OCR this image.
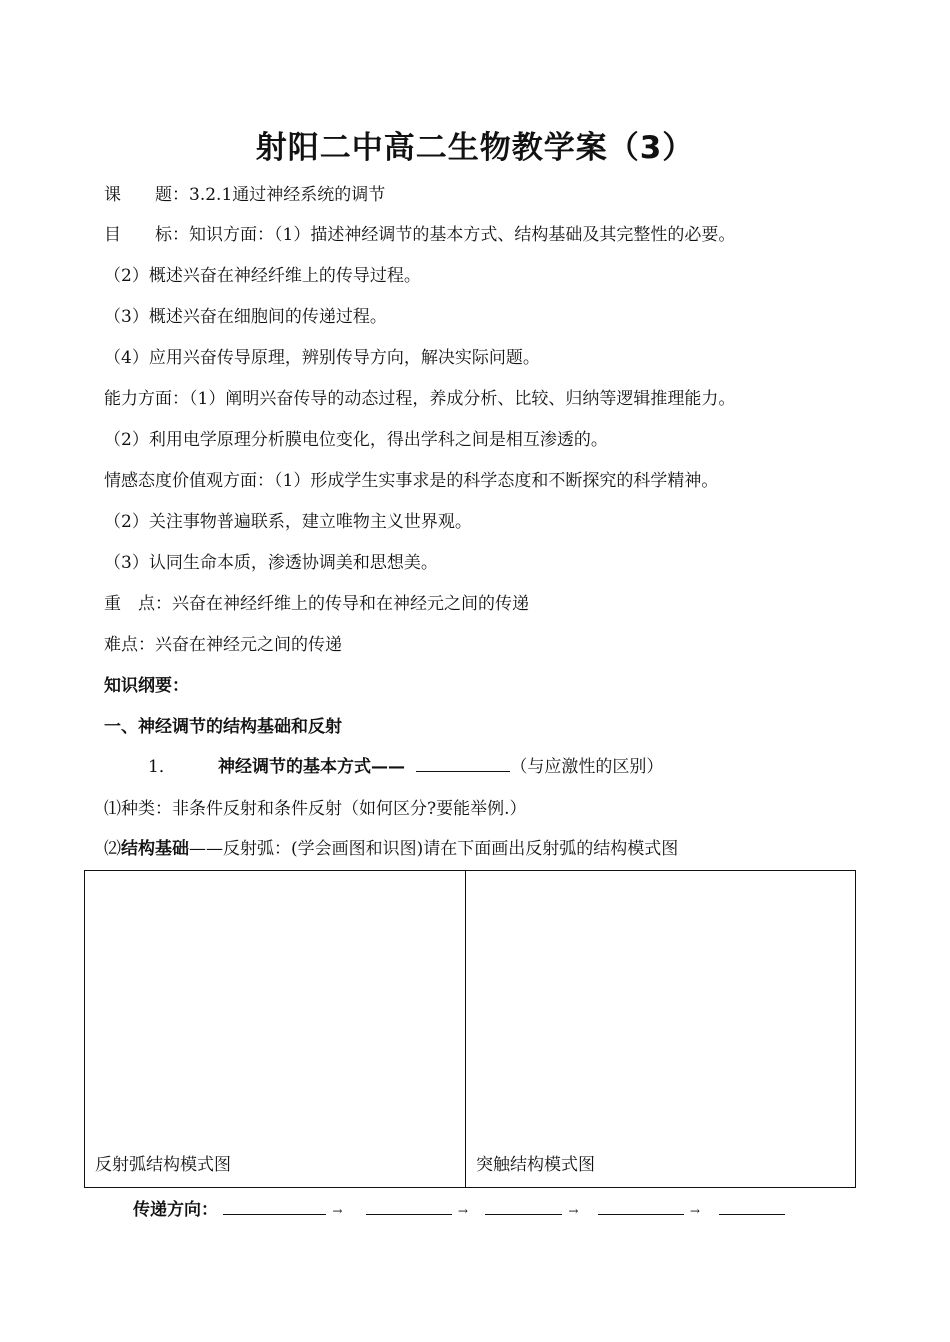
射阳二中高二生物教学案（3）
课　　题：3.2.1通过神经系统的调节
目　　标：知识方面：（1）描述神经调节的基本方式、结构基础及其完整性的必要。
（2）概述兴奋在神经纤维上的传导过程。
（3）概述兴奋在细胞间的传递过程。
（4）应用兴奋传导原理，辨别传导方向，解决实际问题。
能力方面：（1）阐明兴奋传导的动态过程，养成分析、比较、归纳等逻辑推理能力。
（2）利用电学原理分析膜电位变化，得出学科之间是相互渗透的。
情感态度价值观方面：（1）形成学生实事求是的科学态度和不断探究的科学精神。
（2）关注事物普遍联系，建立唯物主义世界观。
（3）认同生命本质，渗透协调美和思想美。
重　点：兴奋在神经纤维上的传导和在神经元之间的传递
难点：兴奋在神经元之间的传递
知识纲要：
一、神经调节的结构基础和反射
1． 神经调节的基本方式——	（与应激性的区别）
⑴种类：非条件反射和条件反射（如何区分?要能举例.）
⑵结构基础——反射弧：(学会画图和识图)请在下面画出反射弧的结构模式图
反射弧结构模式图	突触结构模式图
传递方向：	→	→	→	→
